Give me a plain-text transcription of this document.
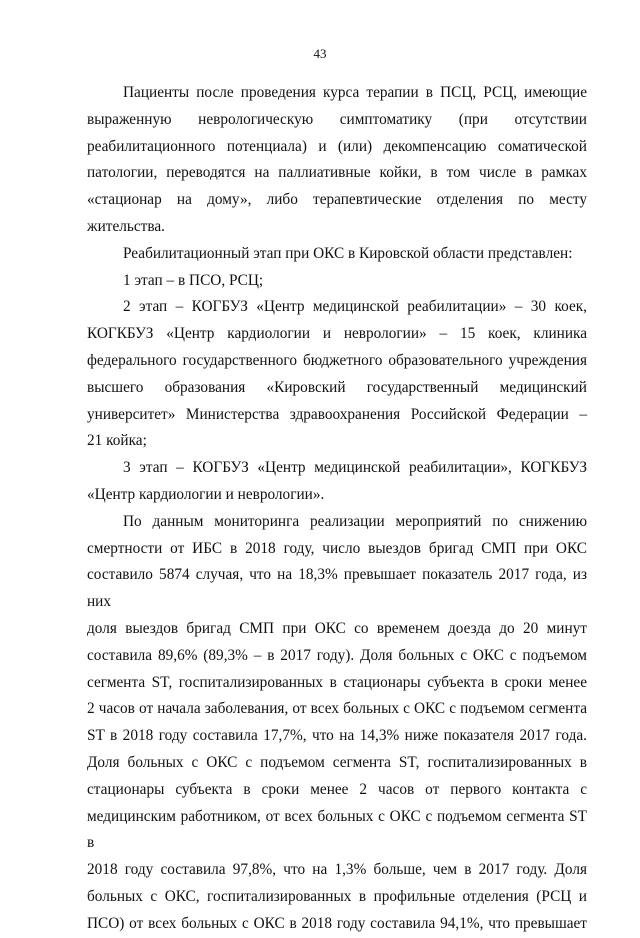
43
Пациенты после проведения курса терапии в ПСЦ, РСЦ, имеющие
выраженную неврологическую симптоматику (при отсутствии
реабилитационного потенциала) и (или) декомпенсацию соматической
патологии, переводятся на паллиативные койки, в том числе в рамках
«стационар на дому», либо терапевтические отделения по месту жительства.
Реабилитационный этап при ОКС в Кировской области представлен:
1 этап – в ПСО, РСЦ;
2 этап – КОГБУЗ «Центр медицинской реабилитации» – 30 коек,
КОГКБУЗ «Центр кардиологии и неврологии» – 15 коек, клиника
федерального государственного бюджетного образовательного учреждения
высшего образования «Кировский государственный медицинский
университет» Министерства здравоохранения Российской Федерации –
21 койка;
3 этап – КОГБУЗ «Центр медицинской реабилитации», КОГКБУЗ
«Центр кардиологии и неврологии».
По данным мониторинга реализации мероприятий по снижению
смертности от ИБС в 2018 году, число выездов бригад СМП при ОКС
составило 5874 случая, что на 18,3% превышает показатель 2017 года, из них
доля выездов бригад СМП при ОКС со временем доезда до 20 минут
составила 89,6% (89,3% – в 2017 году). Доля больных с ОКС с подъемом
сегмента ST, госпитализированных в стационары субъекта в сроки менее
2 часов от начала заболевания, от всех больных с ОКС с подъемом сегмента
ST в 2018 году составила 17,7%, что на 14,3% ниже показателя 2017 года.
Доля больных с ОКС с подъемом сегмента ST, госпитализированных в
стационары субъекта в сроки менее 2 часов от первого контакта с
медицинским работником, от всех больных с ОКС с подъемом сегмента ST в
2018 году составила 97,8%, что на 1,3% больше, чем в 2017 году. Доля
больных с ОКС, госпитализированных в профильные отделения (РСЦ и
ПСО) от всех больных с ОКС в 2018 году составила 94,1%, что превышает
